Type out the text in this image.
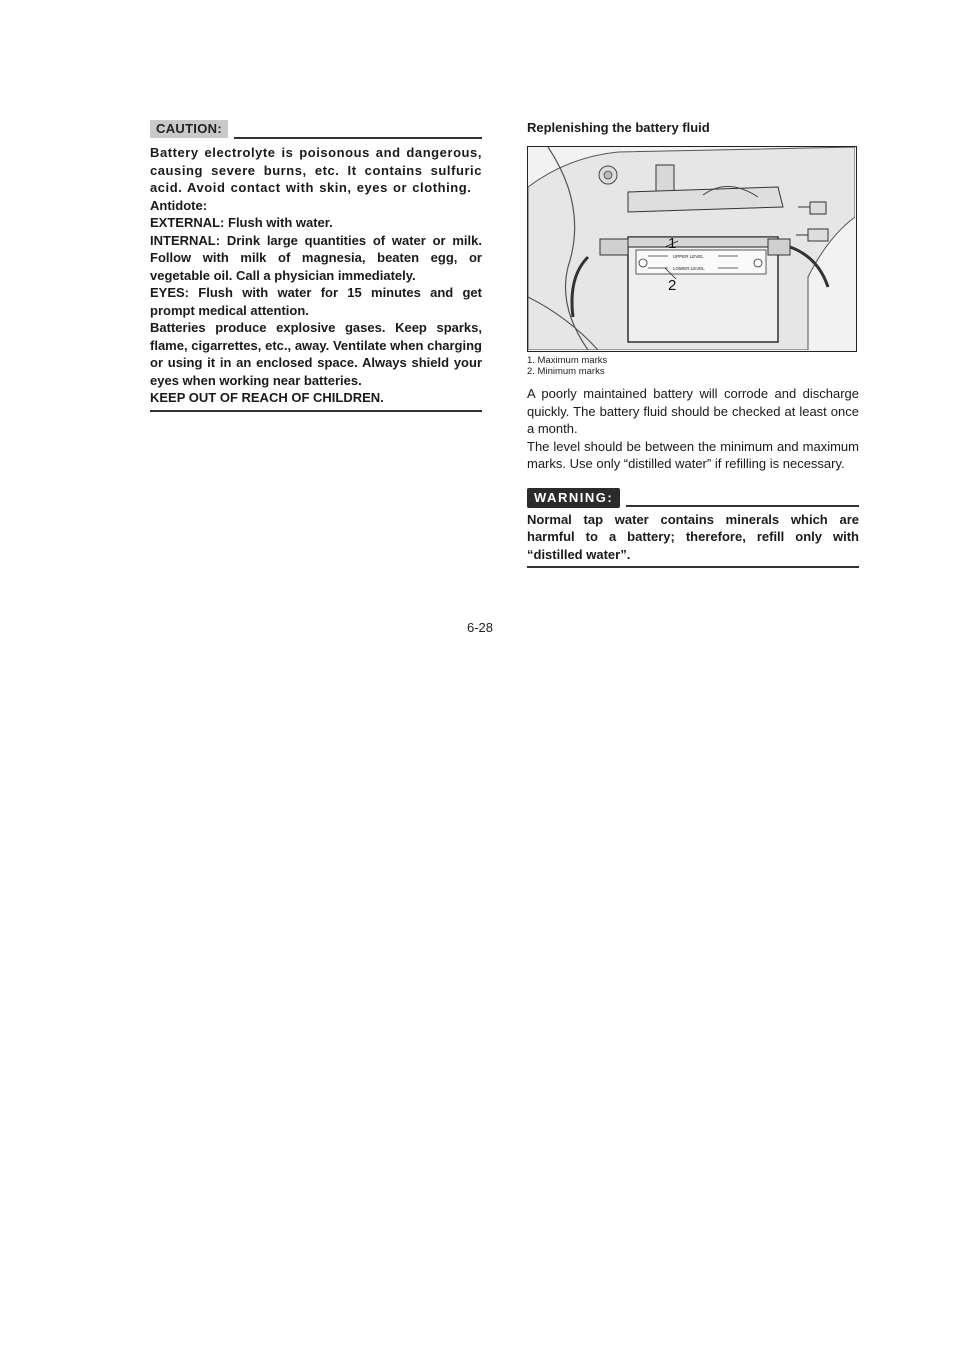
CAUTION:

Battery electrolyte is poisonous and dangerous, causing severe burns, etc. It contains sulfuric acid. Avoid contact with skin, eyes or clothing.

Antidote:

EXTERNAL: Flush with water.

INTERNAL: Drink large quantities of water or milk. Follow with milk of magnesia, beaten egg, or vegetable oil. Call a physician immediately.

EYES: Flush with water for 15 minutes and get prompt medical attention.

Batteries produce explosive gases. Keep sparks, flame, cigarrettes, etc., away. Ventilate when charging or using it in an enclosed space. Always shield your eyes when working near batteries.

KEEP OUT OF REACH OF CHILDREN.

Replenishing the battery fluid
UPPER LEVEL
LOWER LEVEL
1
2
1. Maximum marks
2. Minimum marks

A poorly maintained battery will corrode and discharge quickly. The battery fluid should be checked at least once a month.

The level should be between the minimum and maximum marks. Use only “distilled water” if refilling is necessary.

WARNING:
Normal tap water contains minerals which are harmful to a battery; therefore, refill only with “distilled water”.
6-28
